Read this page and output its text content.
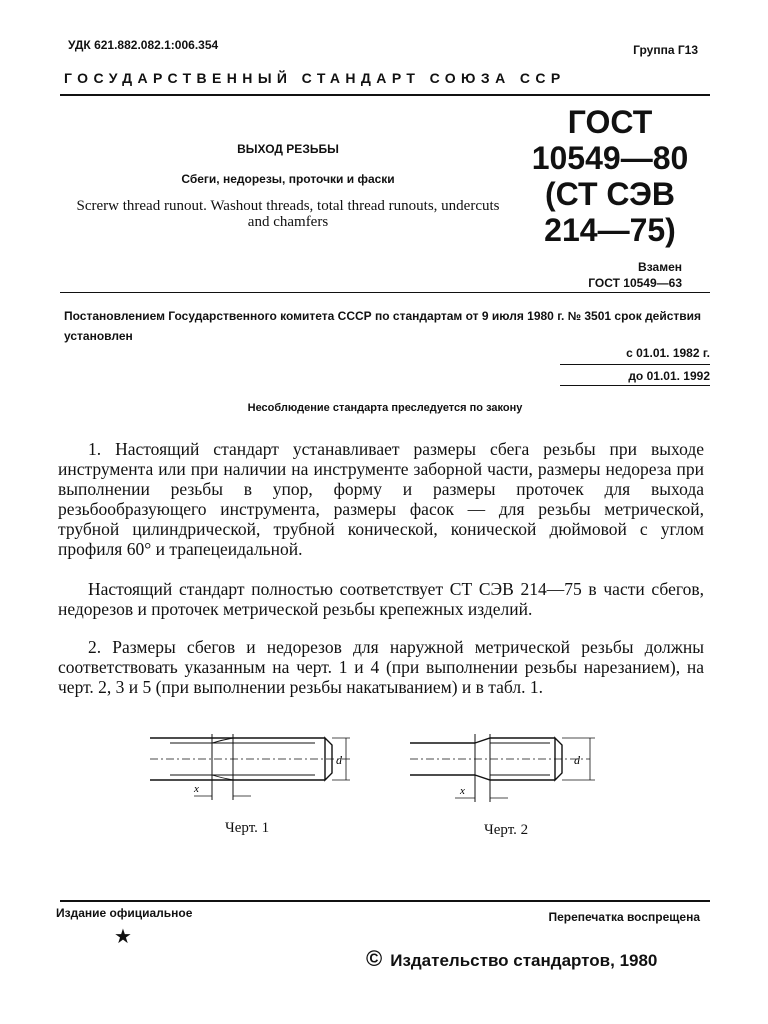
УДК 621.882.082.1:006.354	Группа Г13
ГОСУДАРСТВЕННЫЙ СТАНДАРТ СОЮЗА ССР
ВЫХОД РЕЗЬБЫ
Сбеги, недорезы, проточки и фаски
Screrw thread runout. Washout threads, total thread runouts, undercuts and chamfers
ГОСТ
10549—80
(СТ СЭВ
214—75)
Взамен
ГОСТ 10549—63
Постановлением Государственного комитета СССР по стандартам от 9 июля 1980 г. № 3501 срок действия установлен
с 01.01. 1982 г.
до 01.01. 1992
Несоблюдение стандарта преследуется по закону
1. Настоящий стандарт устанавливает размеры сбега резьбы при выходе инструмента или при наличии на инструменте заборной части, размеры недореза при выполнении резьбы в упор, форму и размеры проточек для выхода резьбообразующего инструмента, размеры фасок — для резьбы метрической, трубной цилиндрической, трубной конической, конической дюймовой с углом профиля 60° и трапецеидальной.
Настоящий стандарт полностью соответствует СТ СЭВ 214—75 в части сбегов, недорезов и проточек метрической резьбы крепежных изделий.
2. Размеры сбегов и недорезов для наружной метрической резьбы должны соответствовать указанным на черт. 1 и 4 (при выполнении резьбы нарезанием), на черт. 2, 3 и 5 (при выполнении резьбы накатыванием) и в табл. 1.
d
x
Черт. 1
d
x
Черт. 2
Издание официальное	Перепечатка воспрещена
★
© Издательство стандартов, 1980
